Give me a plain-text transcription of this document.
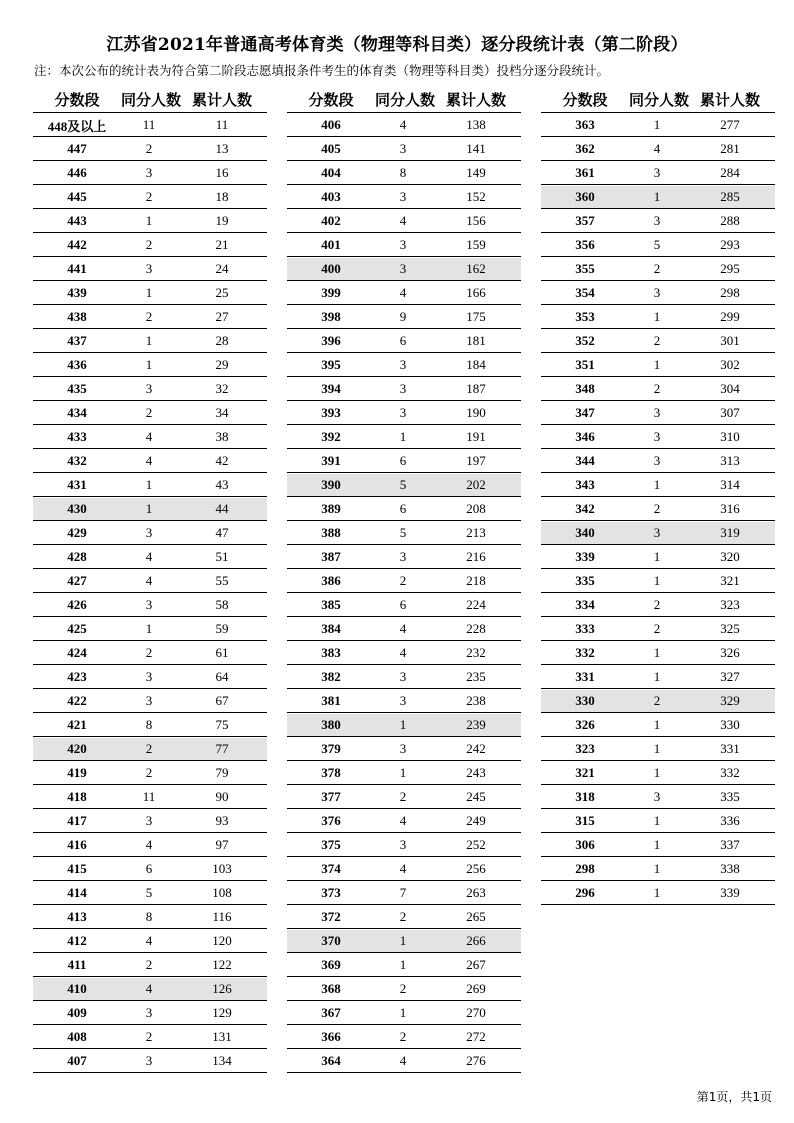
江苏省2021年普通高考体育类（物理等科目类）逐分段统计表（第二阶段）
注：本次公布的统计表为符合第二阶段志愿填报条件考生的体育类（物理等科目类）投档分逐分段统计。
分数段	同分人数 累计人数
448及以上	11	11
447	2	13
446	3	16
445	2	18
443	1	19
442	2	21
441	3	24
439	1	25
438	2	27
437	1	28
436	1	29
435	3	32
434	2	34
433	4	38
432	4	42
431	1	43
430	1	44
429	3	47
428	4	51
427	4	55
426	3	58
425	1	59
424	2	61
423	3	64
422	3	67
421	8	75
420	2	77
419	2	79
418	11	90
417	3	93
416	4	97
415	6	103
414	5	108
413	8	116
412	4	120
411	2	122
410	4	126
409	3	129
408	2	131
407	3	134
分数段	同分人数 累计人数
406	4	138
405	3	141
404	8	149
403	3	152
402	4	156
401	3	159
400	3	162
399	4	166
398	9	175
396	6	181
395	3	184
394	3	187
393	3	190
392	1	191
391	6	197
390	5	202
389	6	208
388	5	213
387	3	216
386	2	218
385	6	224
384	4	228
383	4	232
382	3	235
381	3	238
380	1	239
379	3	242
378	1	243
377	2	245
376	4	249
375	3	252
374	4	256
373	7	263
372	2	265
370	1	266
369	1	267
368	2	269
367	1	270
366	2	272
364	4	276
分数段	同分人数 累计人数
363	1	277
362	4	281
361	3	284
360	1	285
357	3	288
356	5	293
355	2	295
354	3	298
353	1	299
352	2	301
351	1	302
348	2	304
347	3	307
346	3	310
344	3	313
343	1	314
342	2	316
340	3	319
339	1	320
335	1	321
334	2	323
333	2	325
332	1	326
331	1	327
330	2	329
326	1	330
323	1	331
321	1	332
318	3	335
315	1	336
306	1	337
298	1	338
296	1	339
第1页，共1页
